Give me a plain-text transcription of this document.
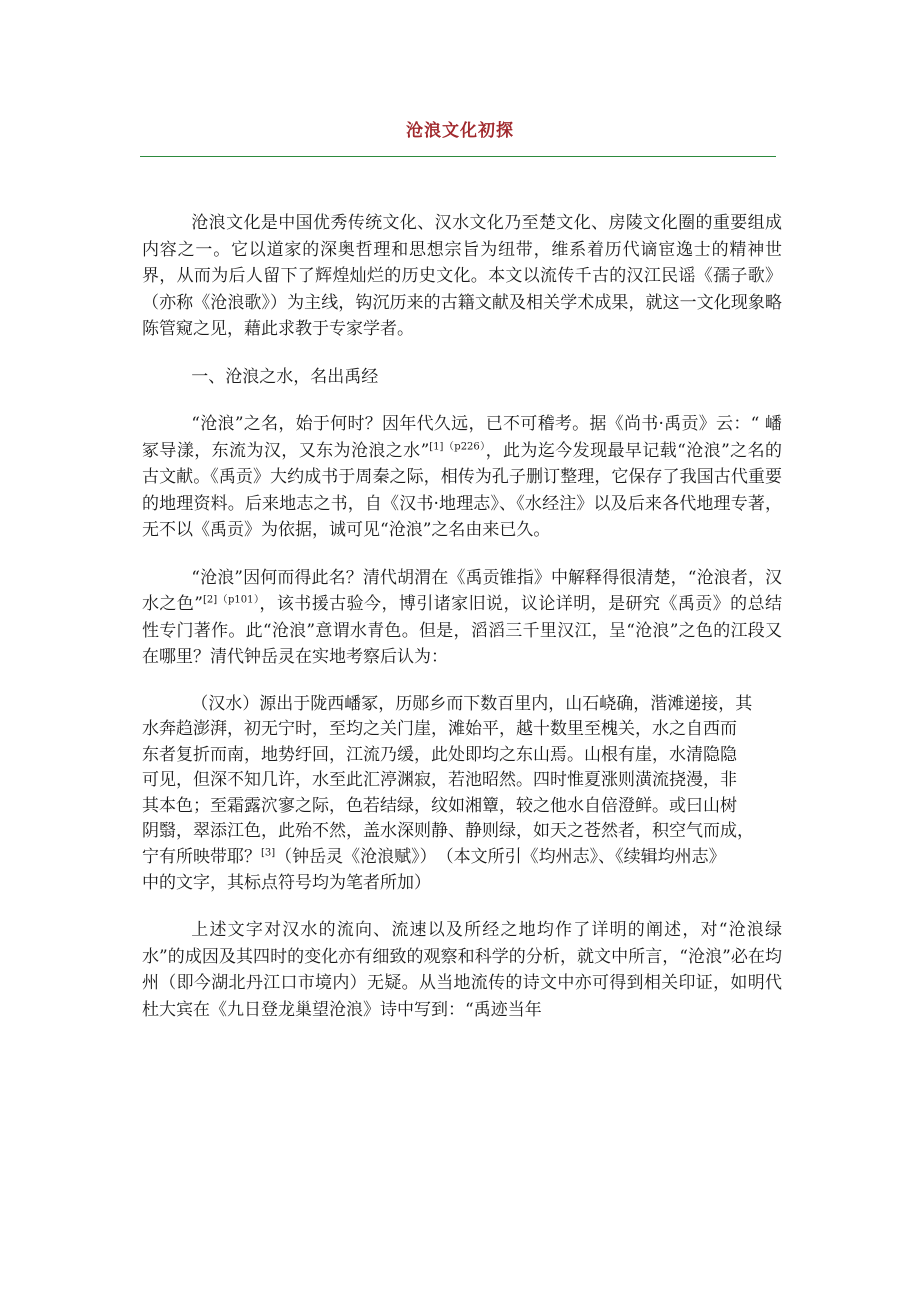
沧浪文化初探

沧浪文化是中国优秀传统文化、汉水文化乃至楚文化、房陵文化圈的重要组成内容之一。它以道家的深奥哲理和思想宗旨为纽带，维系着历代谪宦逸士的精神世界，从而为后人留下了辉煌灿烂的历史文化。本文以流传千古的汉江民谣《孺子歌》（亦称《沧浪歌》）为主线，钩沉历来的古籍文献及相关学术成果，就这一文化现象略陈管窥之见，藉此求教于专家学者。

一、沧浪之水，名出禹经

“沧浪”之名，始于何时？因年代久远，已不可稽考。据《尚书·禹贡》云：“ 嶓冢导漾，东流为汉，又东为沧浪之水”$^{[1](p226)}$，此为迄今发现最早记载“沧浪”之名的古文献。《禹贡》大约成书于周秦之际，相传为孔子删订整理，它保存了我国古代重要的地理资料。后来地志之书，自《汉书·地理志》、《水经注》以及后来各代地理专著，无不以《禹贡》为依据，诚可见“沧浪”之名由来已久。

“沧浪”因何而得此名？清代胡渭在《禹贡锥指》中解释得很清楚，“沧浪者，汉水之色”$^{[2](p101)}$，该书援古验今，博引诸家旧说，议论详明，是研究《禹贡》的总结性专门著作。此“沧浪”意谓水青色。但是，滔滔三千里汉江，呈“沧浪”之色的江段又在哪里？清代钟岳灵在实地考察后认为：

（汉水）源出于陇西嶓冢，历郧乡而下数百里内，山石峣确，湝滩递接，其

水奔趋澎湃，初无宁时，至均之关门崖，滩始平，越十数里至槐关，水之自西而

东者复折而南，地势纡回，江流乃缓，此处即均之东山焉。山根有崖，水清隐隐

可见，但深不知几许，水至此汇渟渊寂，若池昭然。四时惟夏涨则潢流挠漫，非

其本色；至霜露泬寥之际，色若结绿，纹如湘簟，较之他水自倍澄鲜。或曰山树

阴翳，翠添江色，此殆不然，盖水深则静、静则绿，如天之苍然者，积空气而成，

宁有所映带耶？[3]（钟岳灵《沧浪赋》）　（本文所引《均州志》、《续辑均州志》

中的文字，其标点符号均为笔者所加）

上述文字对汉水的流向、流速以及所经之地均作了详明的阐述，对“沧浪绿水”的成因及其四时的变化亦有细致的观察和科学的分析，就文中所言，“沧浪”必在均州（即今湖北丹江口市境内）无疑。从当地流传的诗文中亦可得到相关印证，如明代杜大宾在《九日登龙巢望沧浪》诗中写到：“禹迹当年
